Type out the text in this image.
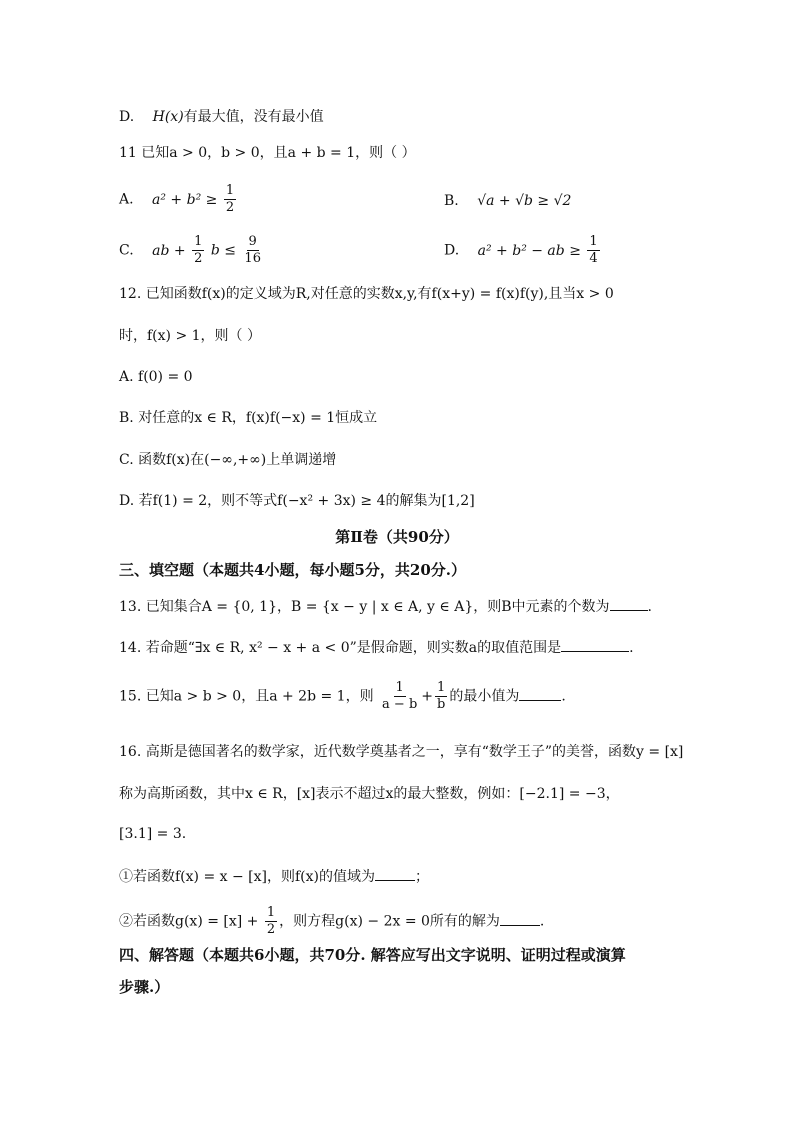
D. H(x)有最大值，没有最小值
11 已知a > 0，b > 0，且a + b = 1，则（ ）
A. $a^2 + b^2 \ge \frac{1}{2}$	B. √a + √b ≥ √2
C. ab + $\frac{1}{2}$ $b \le \frac{9}{16}$	D. a² + b² − ab ≥ $\frac{1}{4}$
12. 已知函数f(x)的定义域为R,对任意的实数x,y,有f(x+y) = f(x)f(y),且当x > 0
时，f(x) > 1，则（ ）
A. f(0) = 0
B. 对任意的x ∈ R，f(x)f(−x) = 1恒成立
C. 函数f(x)在(−∞,+∞)上单调递增
D. 若f(1) = 2，则不等式f(−x² + 3x) ≥ 4的解集为[1,2]
第Ⅱ卷（共90分）
三、填空题（本题共4小题，每小题5分，共20分.）
13. 已知集合A = {0, 1}，B = {x − y | x ∈ A, y ∈ A}，则B中元素的个数为	.
14. 若命题“∃x ∈ R, x² − x + a < 0”是假命题，则实数a的取值范围是	.
15. 已知a > b > 0，且a + 2b = 1，则 $\frac{1}{a - b} + \frac{1}{b}$ 的最小值为	.
16. 高斯是德国著名的数学家，近代数学奠基者之一，享有“数学王子”的美誉，函数y = [x]
称为高斯函数，其中x ∈ R，[x]表示不超过x的最大整数，例如：[−2.1] = −3，
[3.1] = 3.
①若函数f(x) = x − [x]，则f(x)的值域为	；
②若函数$g(x) = [x] + \frac{1}{2}$ ，则方程g(x) − 2x = 0所有的解为	.
四、解答题（本题共6小题，共70分. 解答应写出文字说明、证明过程或演算
步骤.）
